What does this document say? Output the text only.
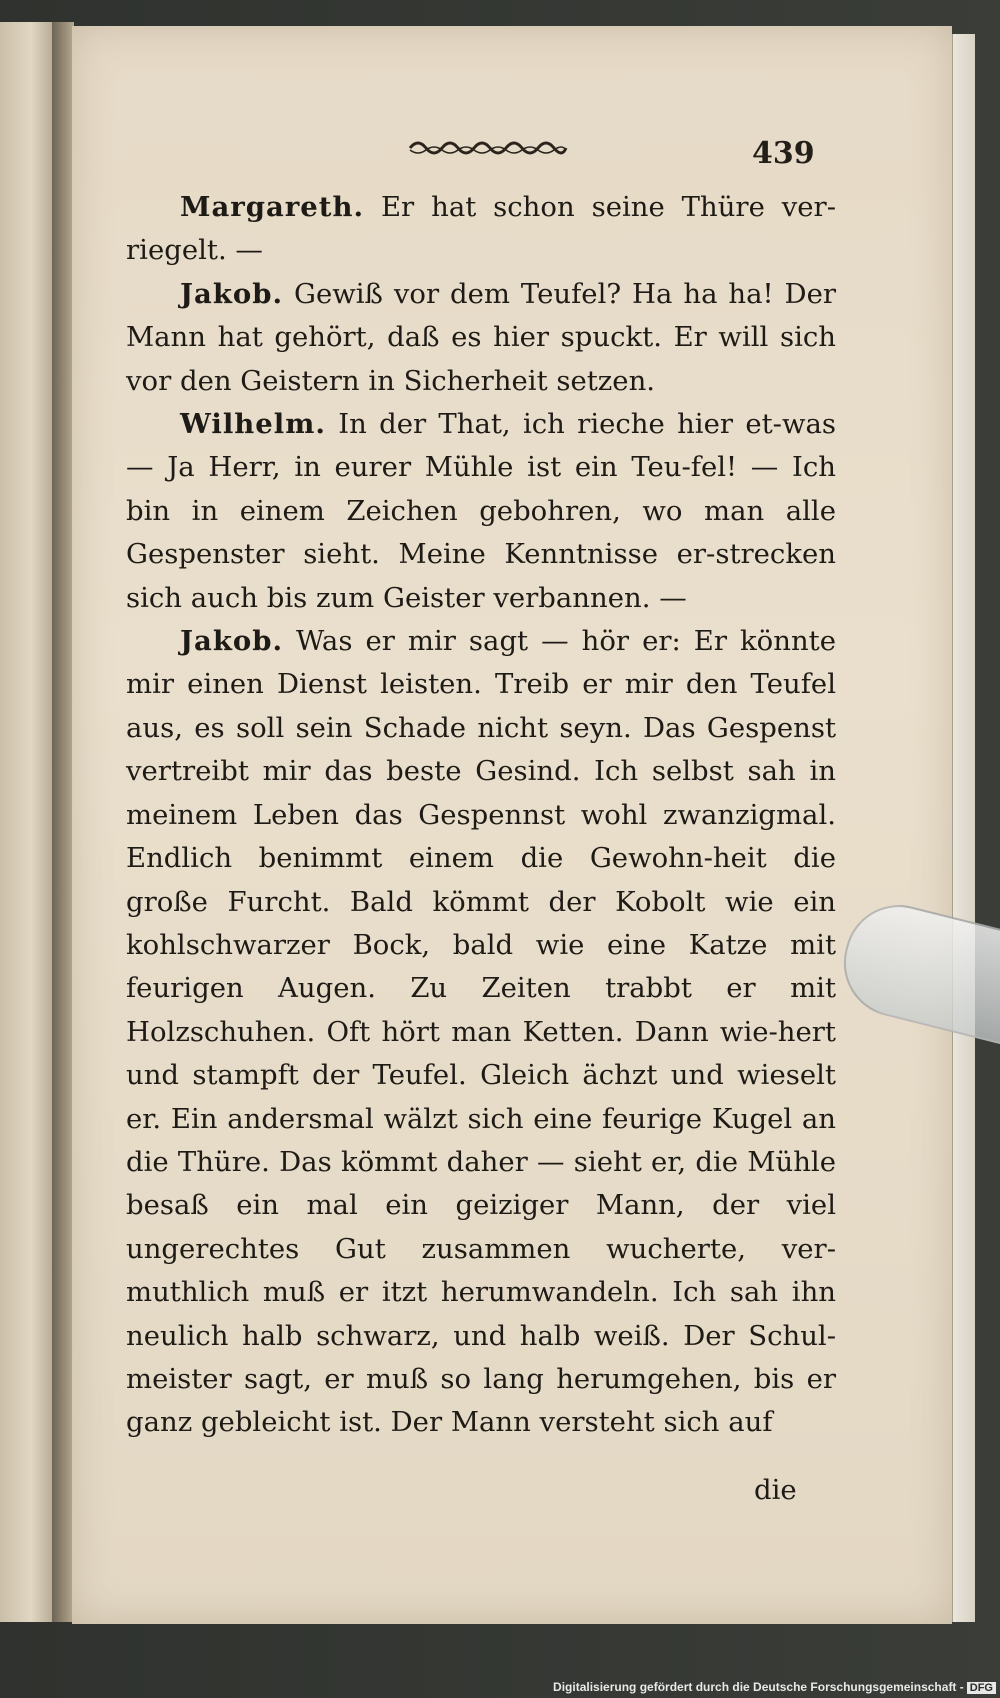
439

Margareth. Er hat schon seine Thüre ver-riegelt. —

Jakob. Gewiß vor dem Teufel? Ha ha ha! Der Mann hat gehört, daß es hier spuckt. Er will sich vor den Geistern in Sicherheit setzen.

Wilhelm. In der That, ich rieche hier et-was — Ja Herr, in eurer Mühle ist ein Teu-fel! — Ich bin in einem Zeichen gebohren, wo man alle Gespenster sieht. Meine Kenntnisse er-strecken sich auch bis zum Geister verbannen. —

Jakob. Was er mir sagt — hör er: Er könnte mir einen Dienst leisten. Treib er mir den Teufel aus, es soll sein Schade nicht seyn. Das Gespenst vertreibt mir das beste Gesind. Ich selbst sah in meinem Leben das Gespennst wohl zwanzigmal. Endlich benimmt einem die Gewohn-heit die große Furcht. Bald kömmt der Kobolt wie ein kohlschwarzer Bock, bald wie eine Katze mit feurigen Augen. Zu Zeiten trabbt er mit Holzschuhen. Oft hört man Ketten. Dann wie-hert und stampft der Teufel. Gleich ächzt und wieselt er. Ein andersmal wälzt sich eine feurige Kugel an die Thüre. Das kömmt daher — sieht er, die Mühle besaß ein mal ein geiziger Mann, der viel ungerechtes Gut zusammen wucherte, ver-muthlich muß er itzt herumwandeln. Ich sah ihn neulich halb schwarz, und halb weiß. Der Schul-meister sagt, er muß so lang herumgehen, bis er ganz gebleicht ist. Der Mann versteht sich auf

die
Digitalisierung gefördert durch die Deutsche Forschungsgemeinschaft - DFG
